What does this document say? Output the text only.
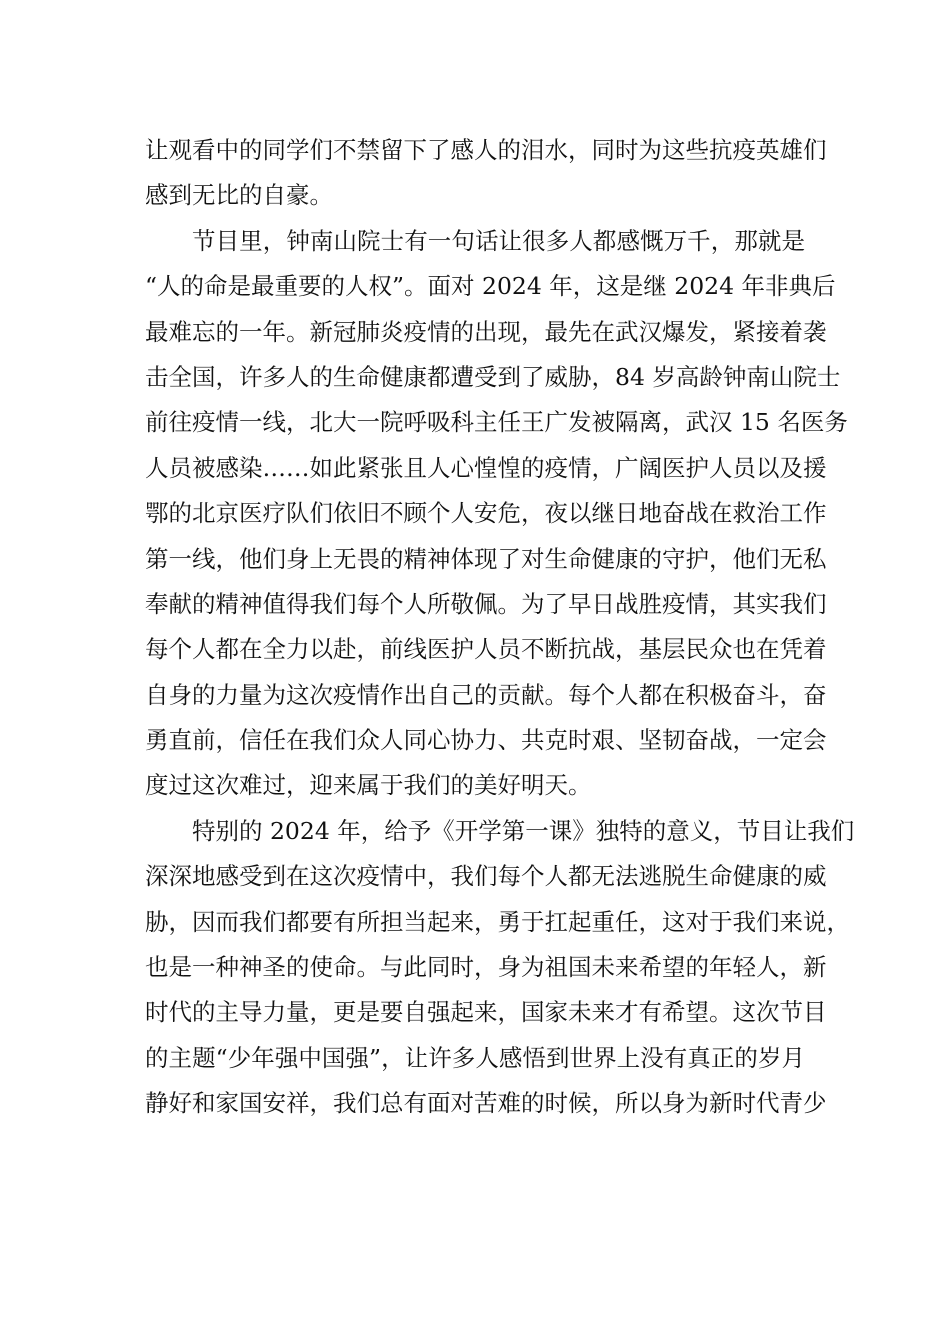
让观看中的同学们不禁留下了感人的泪水，同时为这些抗疫英雄们
感到无比的自豪。
节目里，钟南山院士有一句话让很多人都感慨万千，那就是
“人的命是最重要的人权”。面对 2024 年，这是继 2024 年非典后
最难忘的一年。新冠肺炎疫情的出现，最先在武汉爆发，紧接着袭
击全国，许多人的生命健康都遭受到了威胁，84 岁高龄钟南山院士
前往疫情一线，北大一院呼吸科主任王广发被隔离，武汉 15 名医务
人员被感染……如此紧张且人心惶惶的疫情，广阔医护人员以及援
鄂的北京医疗队们依旧不顾个人安危，夜以继日地奋战在救治工作
第一线，他们身上无畏的精神体现了对生命健康的守护，他们无私
奉献的精神值得我们每个人所敬佩。为了早日战胜疫情，其实我们
每个人都在全力以赴，前线医护人员不断抗战，基层民众也在凭着
自身的力量为这次疫情作出自己的贡献。每个人都在积极奋斗，奋
勇直前，信任在我们众人同心协力、共克时艰、坚韧奋战，一定会
度过这次难过，迎来属于我们的美好明天。
特别的 2024 年，给予《开学第一课》独特的意义，节目让我们
深深地感受到在这次疫情中，我们每个人都无法逃脱生命健康的威
胁，因而我们都要有所担当起来，勇于扛起重任，这对于我们来说，
也是一种神圣的使命。与此同时，身为祖国未来希望的年轻人，新
时代的主导力量，更是要自强起来，国家未来才有希望。这次节目
的主题“少年强中国强”，让许多人感悟到世界上没有真正的岁月
静好和家国安祥，我们总有面对苦难的时候，所以身为新时代青少
